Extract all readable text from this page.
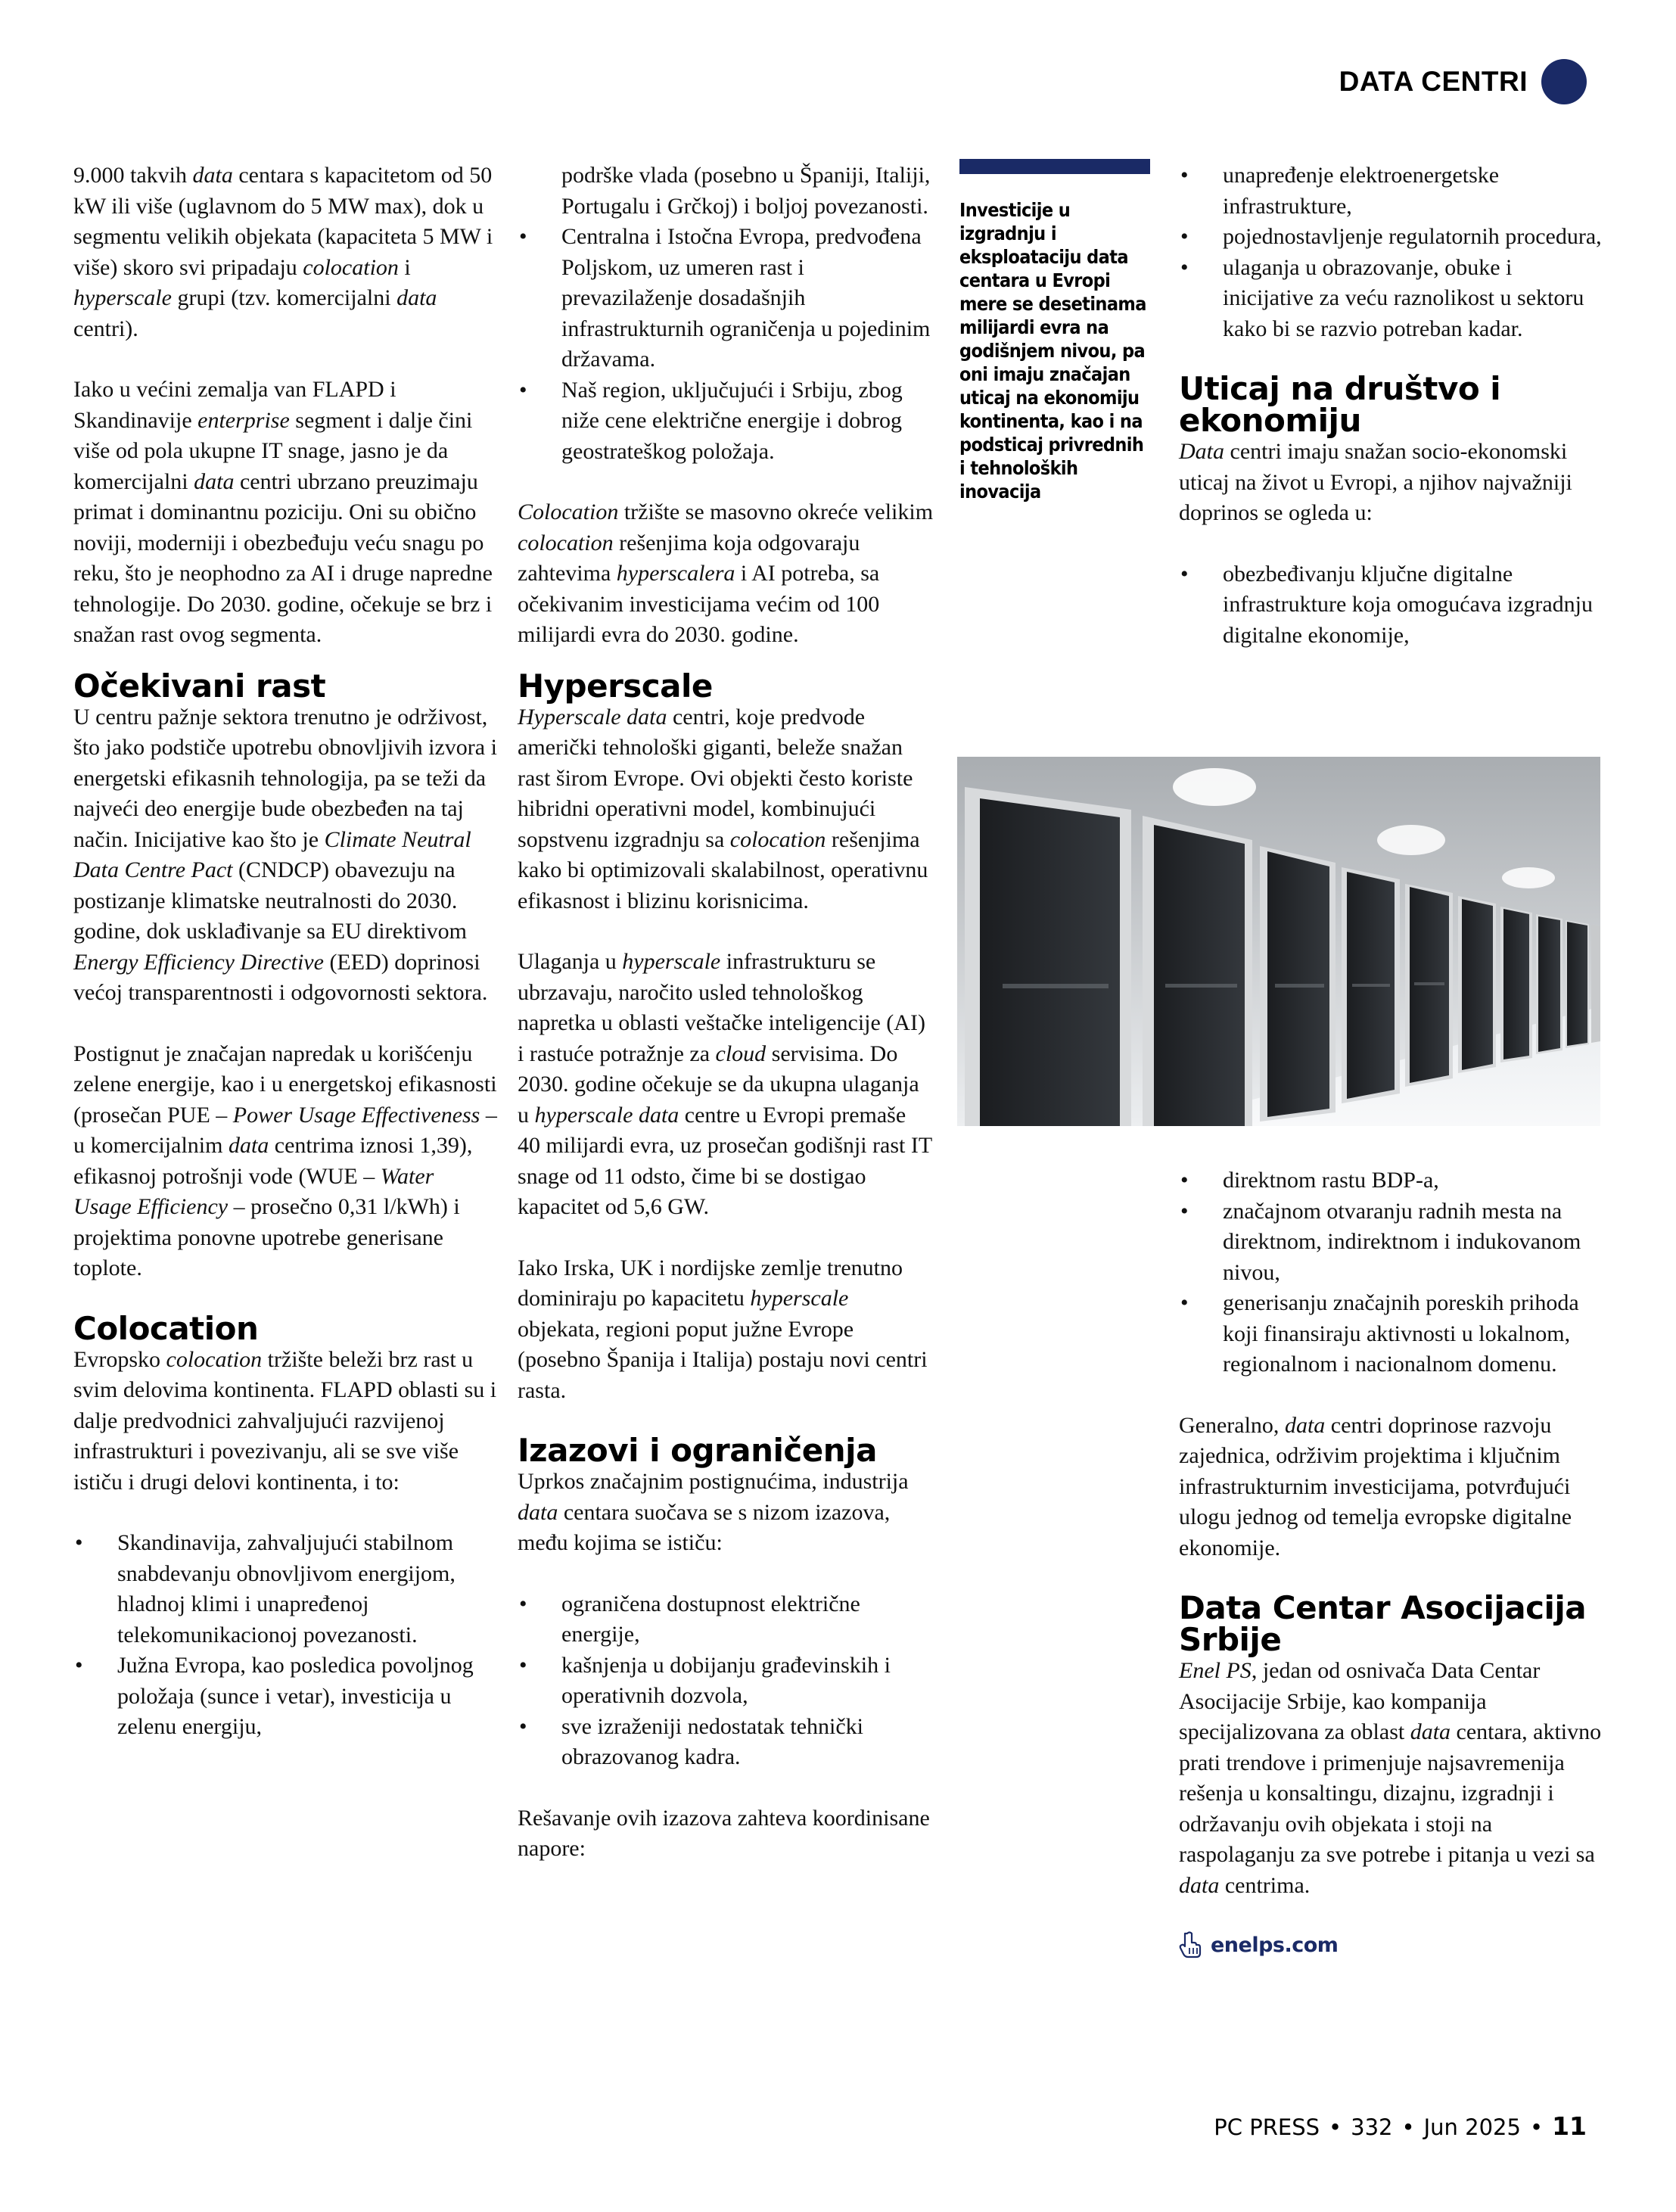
DATA CENTRI

9.000 takvih data centara s kapacitetom od 50 kW ili više (uglavnom do 5 MW max), dok u segmentu velikih objekata (kapaciteta 5 MW i više) skoro svi pripadaju colocation i hyperscale grupi (tzv. komercijalni data centri).

Iako u većini zemalja van FLAPD i Skandinavije enterprise segment i dalje čini više od pola ukupne IT snage, jasno je da komercijalni data centri ubrzano preuzimaju primat i dominantnu poziciju. Oni su obično noviji, moderniji i obezbeđuju veću snagu po reku, što je neophodno za AI i druge napredne tehnologije. Do 2030. godine, očekuje se brz i snažan rast ovog segmenta.

Očekivani rast

U centru pažnje sektora trenutno je održivost, što jako podstiče upotrebu obnovljivih izvora i energetski efikasnih tehnologija, pa se teži da najveći deo energije bude obezbeđen na taj način. Inicijative kao što je Climate Neutral Data Centre Pact (CNDCP) obavezuju na postizanje klimatske neutralnosti do 2030. godine, dok usklađivanje sa EU direktivom Energy Efficiency Directive (EED) doprinosi većoj transparentnosti i odgovornosti sektora.

Postignut je značajan napredak u korišćenju zelene energije, kao i u energetskoj efikasnosti (prosečan PUE – Power Usage Effectiveness – u komercijalnim data centrima iznosi 1,39), efikasnoj potrošnji vode (WUE – Water Usage Efficiency – prosečno 0,31 l/kWh) i projektima ponovne upotrebe generisane toplote.

Colocation

Evropsko colocation tržište beleži brz rast u svim delovima kontinenta. FLAPD oblasti su i dalje predvodnici zahvaljujući razvijenoj infrastrukturi i povezivanju, ali se sve više ističu i drugi delovi kontinenta, i to:

• Skandinavija, zahvaljujući stabilnom snabdevanju obnovljivom energijom, hladnoj klimi i unapređenoj telekomunikacionoj povezanosti.
• Južna Evropa, kao posledica povoljnog položaja (sunce i vetar), investicija u zelenu energiju,
podrške vlada (posebno u Španiji, Italiji, Portugalu i Grčkoj) i boljoj povezanosti.
• Centralna i Istočna Evropa, predvođena Poljskom, uz umeren rast i prevazilaženje dosadašnjih infrastrukturnih ograničenja u pojedinim državama.
• Naš region, uključujući i Srbiju, zbog niže cene električne energije i dobrog geostrateškog položaja.

Colocation tržište se masovno okreće velikim colocation rešenjima koja odgovaraju zahtevima hyperscalera i AI potreba, sa očekivanim investicijama većim od 100 milijardi evra do 2030. godine.

Hyperscale

Hyperscale data centri, koje predvode američki tehnološki giganti, beleže snažan rast širom Evrope. Ovi objekti često koriste hibridni operativni model, kombinujući sopstvenu izgradnju sa colocation rešenjima kako bi optimizovali skalabilnost, operativnu efikasnost i blizinu korisnicima.

Ulaganja u hyperscale infrastrukturu se ubrzavaju, naročito usled tehnološkog napretka u oblasti veštačke inteligencije (AI) i rastuće potražnje za cloud servisima. Do 2030. godine očekuje se da ukupna ulaganja u hyperscale data centre u Evropi premaše 40 milijardi evra, uz prosečan godišnji rast IT snage od 11 odsto, čime bi se dostigao kapacitet od 5,6 GW.

Iako Irska, UK i nordijske zemlje trenutno dominiraju po kapacitetu hyperscale objekata, regioni poput južne Evrope (posebno Španija i Italija) postaju novi centri rasta.

Izazovi i ograničenja

Uprkos značajnim postignućima, industrija data centara suočava se s nizom izazova, među kojima se ističu:

• ograničena dostupnost električne energije,
• kašnjenja u dobijanju građevinskih i operativnih dozvola,
• sve izraženiji nedostatak tehnički obrazovanog kadra.

Rešavanje ovih izazova zahteva koordinisane napore:

Investicije u izgradnju i eksploataciju data centara u Evropi mere se desetinama milijardi evra na godišnjem nivou, pa oni imaju značajan uticaj na ekonomiju kontinenta, kao i na podsticaj privrednih i tehnoloških inovacija
• unapređenje elektroenergetske infrastrukture,
• pojednostavljenje regulatornih procedura,
• ulaganja u obrazovanje, obuke i inicijative za veću raznolikost u sektoru kako bi se razvio potreban kadar.
Uticaj na društvo i ekonomiju

Data centri imaju snažan socio-ekonomski uticaj na život u Evropi, a njihov najvažniji doprinos se ogleda u:

• obezbeđivanju ključne digitalne infrastrukture koja omogućava izgradnju digitalne ekonomije,
• direktnom rastu BDP-a,
• značajnom otvaranju radnih mesta na direktnom, indirektnom i indukovanom nivou,
• generisanju značajnih poreskih prihoda koji finansiraju aktivnosti u lokalnom, regionalnom i nacionalnom domenu.

Generalno, data centri doprinose razvoju zajednica, održivim projektima i ključnim infrastrukturnim investicijama, potvrđujući ulogu jednog od temelja evropske digitalne ekonomije.

Data Centar Asocijacija Srbije

Enel PS, jedan od osnivača Data Centar Asocijacije Srbije, kao kompanija specijalizovana za oblast data centara, aktivno prati trendove i primenjuje najsavremenija rešenja u konsaltingu, dizajnu, izgradnji i održavanju ovih objekata i stoji na raspolaganju za sve potrebe i pitanja u vezi sa data centrima.

enelps.com
PC PRESS • 332 • Jun 2025 • 11
